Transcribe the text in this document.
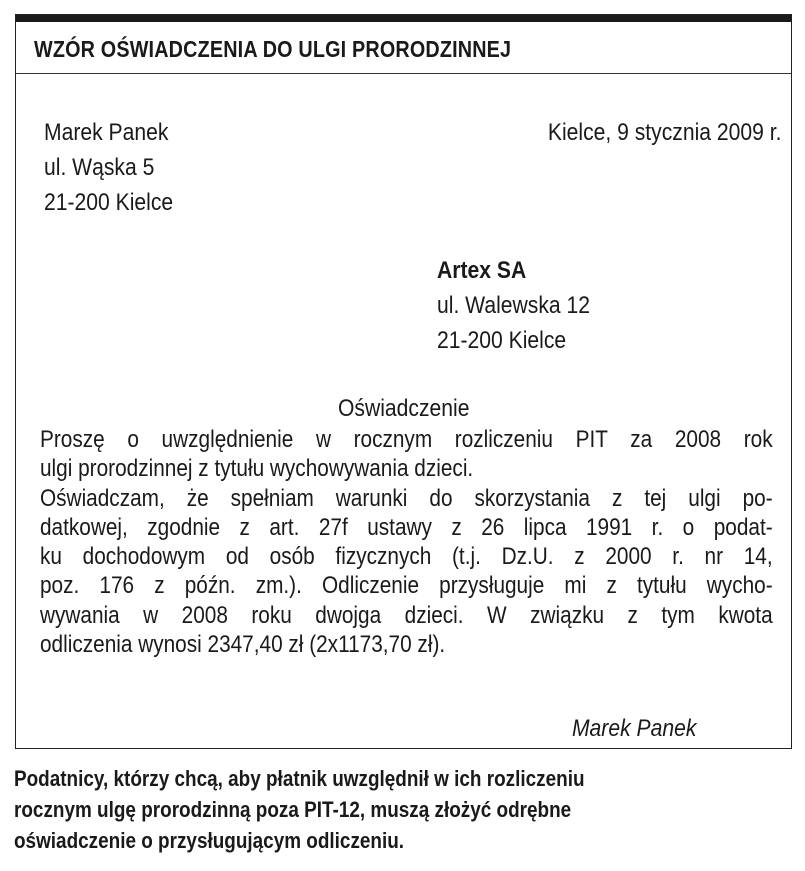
WZÓR OŚWIADCZENIA DO ULGI PRORODZINNEJ
Marek Panek
ul. Wąska 5
21-200 Kielce
Kielce, 9 stycznia 2009 r.
Artex SA
ul. Walewska 12
21-200 Kielce
Oświadczenie
Proszę o uwzględnienie w rocznym rozliczeniu PIT za 2008 rok
ulgi prorodzinnej z tytułu wychowywania dzieci.
Oświadczam, że spełniam warunki do skorzystania z tej ulgi po-
datkowej, zgodnie z art. 27f ustawy z 26 lipca 1991 r. o podat-
ku dochodowym od osób fizycznych (t.j. Dz.U. z 2000 r. nr 14,
poz. 176 z późn. zm.). Odliczenie przysługuje mi z tytułu wycho-
wywania w 2008 roku dwojga dzieci. W związku z tym kwota
odliczenia wynosi 2347,40 zł (2x1173,70 zł).
Marek Panek
Podatnicy, którzy chcą, aby płatnik uwzględnił w ich rozliczeniu
rocznym ulgę prorodzinną poza PIT-12, muszą złożyć odrębne
oświadczenie o przysługującym odliczeniu.
